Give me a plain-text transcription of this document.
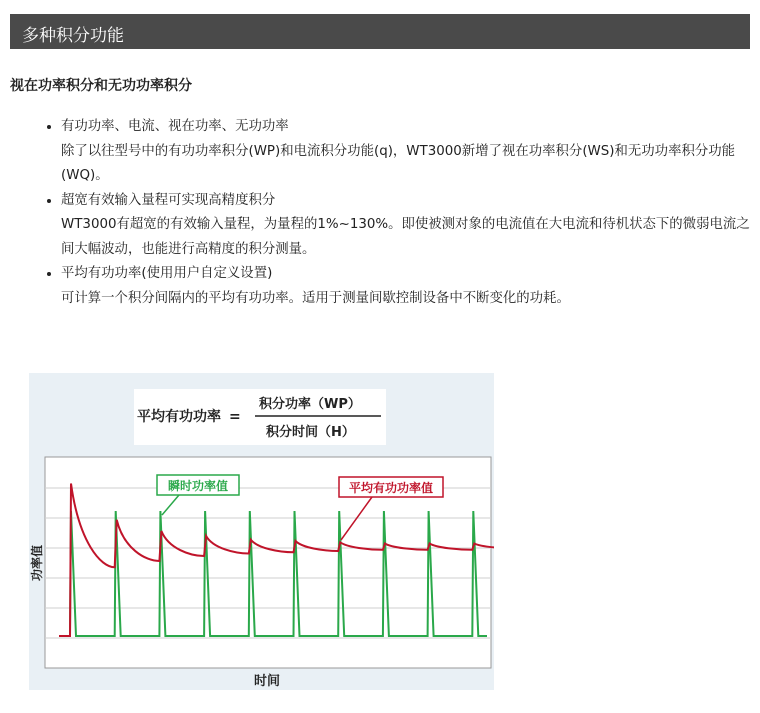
多种积分功能
视在功率积分和无功功率积分
• 有功功率、电流、视在功率、无功功率
除了以往型号中的有功功率积分(WP)和电流积分功能(q)，WT3000新增了视在功率积分(WS)和无功功率积分功能(WQ)。
• 超宽有效输入量程可实现高精度积分
WT3000有超宽的有效输入量程，为量程的1%~130%。即使被测对象的电流值在大电流和待机状态下的微弱电流之间大幅波动，也能进行高精度的积分测量。
• 平均有功功率(使用用户自定义设置)
可计算一个积分间隔内的平均有功功率。适用于测量间歇控制设备中不断变化的功耗。
平均有功功率 =
积分功率（WP）
积分时间（H）
功率值
时间
瞬时功率值	平均有功功率值
